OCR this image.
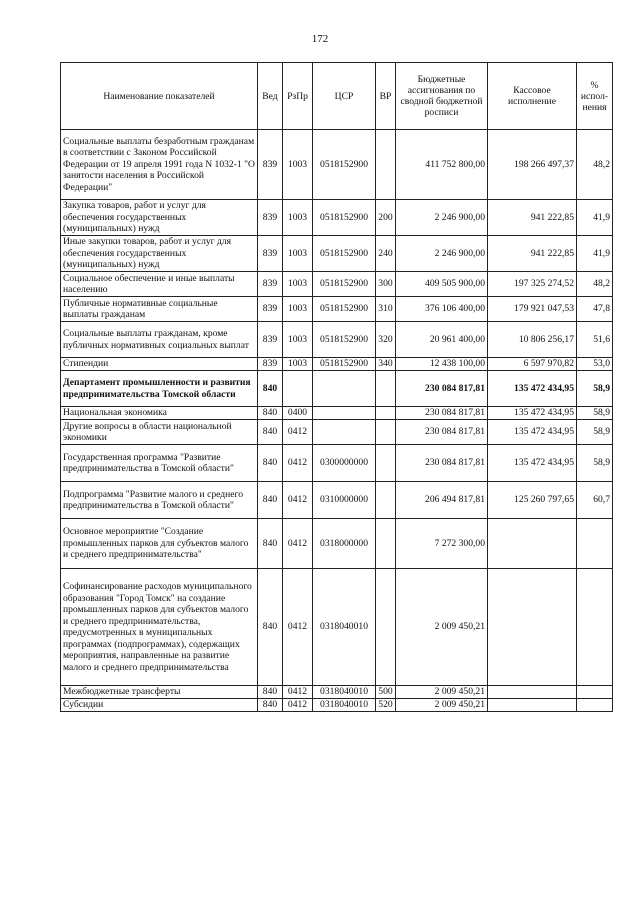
172
Наименование показателей	Вед	РзПр	ЦСР	ВР	Бюджетные ассигнования по сводной бюджетной росписи	Кассовое исполнение	% испол-нения
Социальные выплаты безработным гражданам в соответствии с Законом Российской Федерации от 19 апреля 1991 года N 1032-1 "О занятости населения в Российской Федерации"	839	1003	0518152900		411 752 800,00	198 266 497,37	48,2
Закупка товаров, работ и услуг для обеспечения государственных (муниципальных) нужд	839	1003	0518152900	200	2 246 900,00	941 222,85	41,9
Иные закупки товаров, работ и услуг для обеспечения государственных (муниципальных) нужд	839	1003	0518152900	240	2 246 900,00	941 222,85	41,9
Социальное обеспечение и иные выплаты населению	839	1003	0518152900	300	409 505 900,00	197 325 274,52	48,2
Публичные нормативные социальные выплаты гражданам	839	1003	0518152900	310	376 106 400,00	179 921 047,53	47,8
Социальные выплаты гражданам, кроме публичных нормативных социальных выплат	839	1003	0518152900	320	20 961 400,00	10 806 256,17	51,6
Стипендии	839	1003	0518152900	340	12 438 100,00	6 597 970,82	53,0
Департамент промышленности и развития предпринимательства Томской области	840				230 084 817,81	135 472 434,95	58,9
Национальная экономика	840	0400			230 084 817,81	135 472 434,95	58,9
Другие вопросы в области национальной экономики	840	0412			230 084 817,81	135 472 434,95	58,9
Государственная программа "Развитие предпринимательства в Томской области"	840	0412	0300000000		230 084 817,81	135 472 434,95	58,9
Подпрограмма "Развитие малого и среднего предпринимательства в Томской области"	840	0412	0310000000		206 494 817,81	125 260 797,65	60,7
Основное мероприятие "Создание промышленных парков для субъектов малого и среднего предпринимательства"	840	0412	0318000000		7 272 300,00		
Софинансирование расходов муниципального образования "Город Томск" на создание промышленных парков для субъектов малого и среднего предпринимательства, предусмотренных в муниципальных программах (подпрограммах), содержащих мероприятия, направленные на развитие малого и среднего предпринимательства	840	0412	0318040010		2 009 450,21		
Межбюджетные трансферты	840	0412	0318040010	500	2 009 450,21		
Субсидии	840	0412	0318040010	520	2 009 450,21		
